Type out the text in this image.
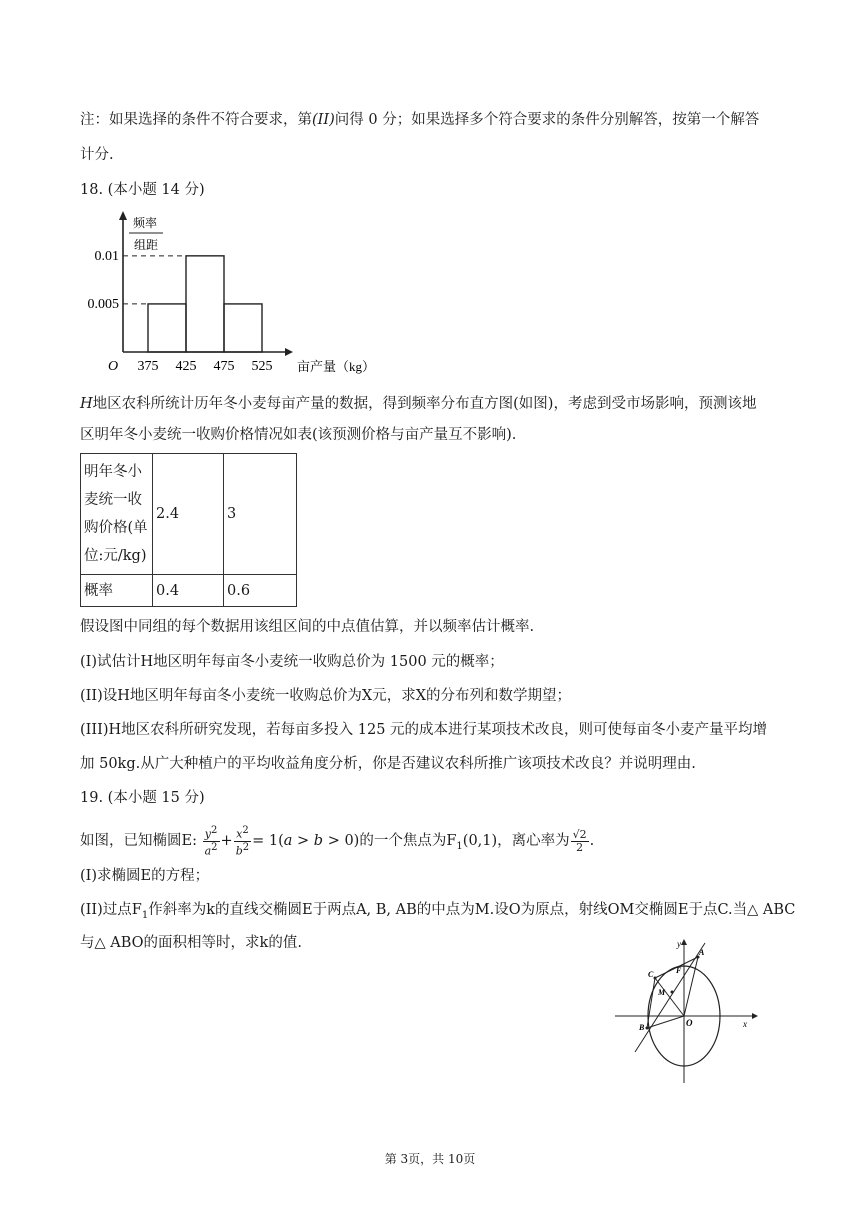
注：如果选择的条件不符合要求，第(II)问得 0 分；如果选择多个符合要求的条件分别解答，按第一个解答
计分.
18. (本小题 14 分)
0.005
0.01
375 425 475 525
O	亩产量（kg）
频率
组距
H地区农科所统计历年冬小麦每亩产量的数据，得到频率分布直方图(如图)，考虑到受市场影响，预测该地
区明年冬小麦统一收购价格情况如表(该预测价格与亩产量互不影响).
明年冬小
麦统一收
购价格(单
位:元/kg)	2.4	3
概率	0.4	0.6
假设图中同组的每个数据用该组区间的中点值估算，并以频率估计概率.
(I)试估计H地区明年每亩冬小麦统一收购总价为 1500 元的概率；
(II)设H地区明年每亩冬小麦统一收购总价为X元，求X的分布列和数学期望；
(III)H地区农科所研究发现，若每亩多投入 125 元的成本进行某项技术改良，则可使每亩冬小麦产量平均增
加 50kg.从广大种植户的平均收益角度分析，你是否建议农科所推广该项技术改良？并说明理由.
19. (本小题 15 分)
如图，已知椭圆E: $\frac{y^2}{a^2} + \frac{x^2}{b^2} = 1(a > b > 0)$的一个焦点为$F_1(0,1)$，离心率为 $\frac{√2}{2}$ .
(I)求椭圆E的方程；
(II)过点$F_1$作斜率为k的直线交椭圆E于两点A, B, AB的中点为M.设O为原点，射线OM交椭圆E于点C.当△ ABC
与△ ABO的面积相等时，求k的值.	y
x
O
A
B
C
M
F
第 3页，共 10页
